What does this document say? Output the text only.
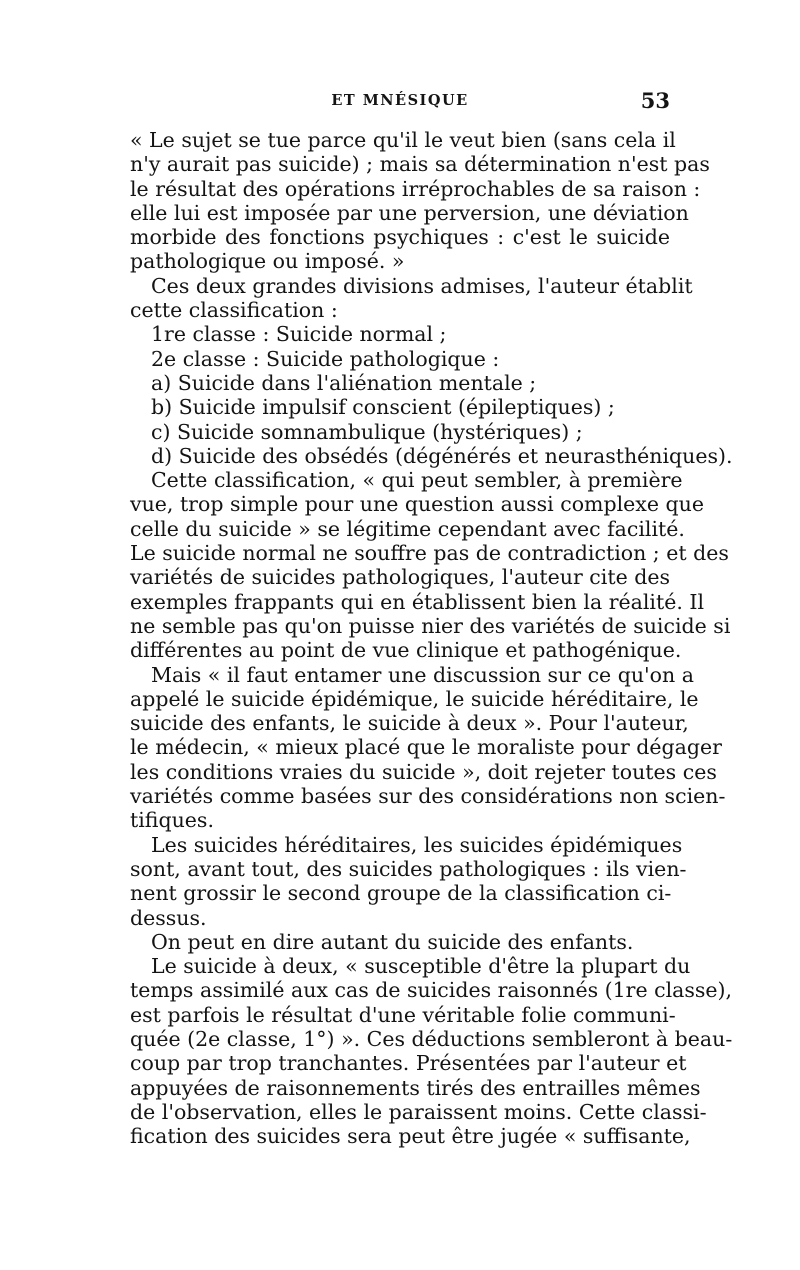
ET MNÉSIQUE	53
« Le sujet se tue parce qu'il le veut bien (sans cela il
n'y aurait pas suicide) ; mais sa détermination n'est pas
le résultat des opérations irréprochables de sa raison :
elle lui est imposée par une perversion, une déviation
morbide des fonctions psychiques : c'est le suicide
pathologique ou imposé. »
Ces deux grandes divisions admises, l'auteur établit
cette classification :
1re classe : Suicide normal ;
2e classe : Suicide pathologique :
a) Suicide dans l'aliénation mentale ;
b) Suicide impulsif conscient (épileptiques) ;
c) Suicide somnambulique (hystériques) ;
d) Suicide des obsédés (dégénérés et neurasthéniques).
Cette classification, « qui peut sembler, à première
vue, trop simple pour une question aussi complexe que
celle du suicide » se légitime cependant avec facilité.
Le suicide normal ne souffre pas de contradiction ; et des
variétés de suicides pathologiques, l'auteur cite des
exemples frappants qui en établissent bien la réalité. Il
ne semble pas qu'on puisse nier des variétés de suicide si
différentes au point de vue clinique et pathogénique.
Mais « il faut entamer une discussion sur ce qu'on a
appelé le suicide épidémique, le suicide héréditaire, le
suicide des enfants, le suicide à deux ». Pour l'auteur,
le médecin, « mieux placé que le moraliste pour dégager
les conditions vraies du suicide », doit rejeter toutes ces
variétés comme basées sur des considérations non scien-
tifiques.
Les suicides héréditaires, les suicides épidémiques
sont, avant tout, des suicides pathologiques : ils vien-
nent grossir le second groupe de la classification ci-
dessus.
On peut en dire autant du suicide des enfants.
Le suicide à deux, « susceptible d'être la plupart du
temps assimilé aux cas de suicides raisonnés (1re classe),
est parfois le résultat d'une véritable folie communi-
quée (2e classe, 1°) ». Ces déductions sembleront à beau-
coup par trop tranchantes. Présentées par l'auteur et
appuyées de raisonnements tirés des entrailles mêmes
de l'observation, elles le paraissent moins. Cette classi-
fication des suicides sera peut être jugée « suffisante,
